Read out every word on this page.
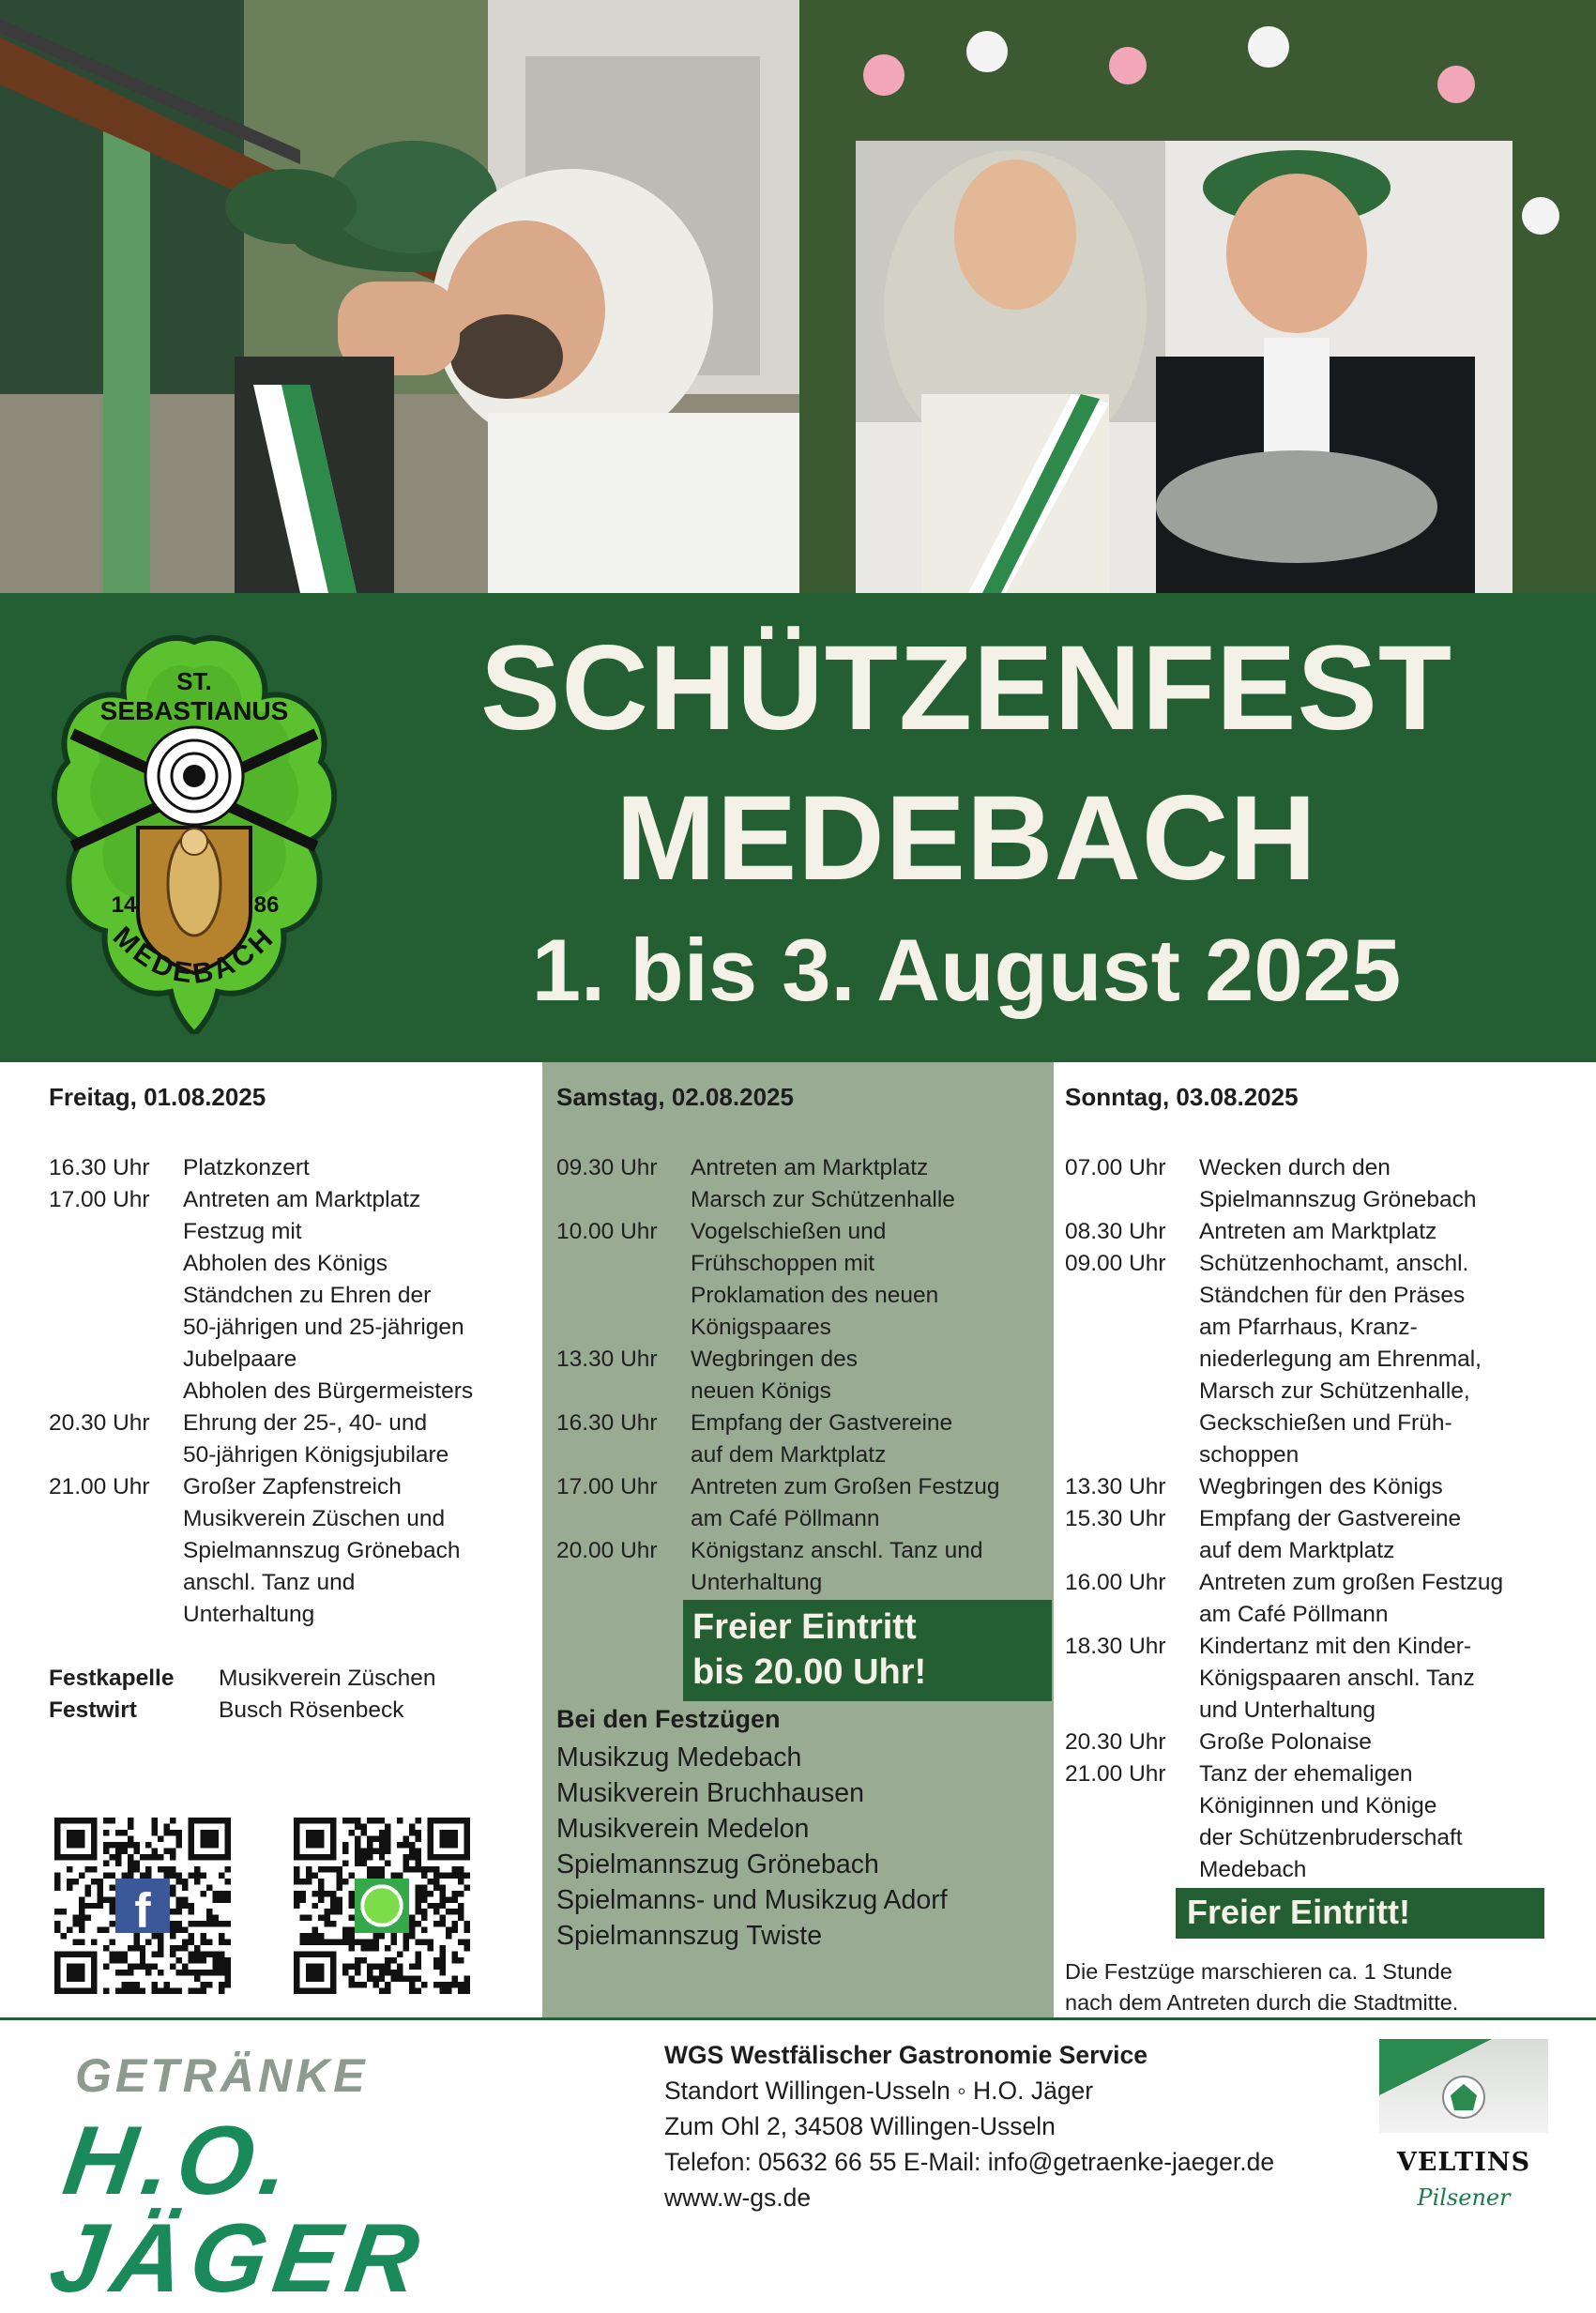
ST.
SEBASTIANUS
14	86
MEDEBACH
SCHÜTZENFEST
MEDEBACH
1. bis 3. August 2025
Freitag, 01.08.2025
16.30 Uhr	Platzkonzert
17.00 Uhr	Antreten am Marktplatz
Festzug mit
Abholen des Königs
Ständchen zu Ehren der
50-jährigen und 25-jährigen
Jubelpaare
Abholen des Bürgermeisters
20.30 Uhr	Ehrung der 25-, 40- und
50-jährigen Königsjubilare
21.00 Uhr	Großer Zapfenstreich
Musikverein Züschen und
Spielmannszug Grönebach
anschl. Tanz und
Unterhaltung
Festkapelle	Musikverein Züschen
Festwirt	Busch Rösenbeck
f
Samstag, 02.08.2025
09.30 Uhr	Antreten am Marktplatz
Marsch zur Schützenhalle
10.00 Uhr	Vogelschießen und
Frühschoppen mit
Proklamation des neuen
Königspaares
13.30 Uhr	Wegbringen des
neuen Königs
16.30 Uhr	Empfang der Gastvereine
auf dem Marktplatz
17.00 Uhr	Antreten zum Großen Festzug
am Café Pöllmann
20.00 Uhr	Königstanz anschl. Tanz und
Unterhaltung
Freier Eintritt
bis 20.00 Uhr!
Bei den Festzügen
Musikzug Medebach
Musikverein Bruchhausen
Musikverein Medelon
Spielmannszug Grönebach
Spielmanns- und Musikzug Adorf
Spielmannszug Twiste
Sonntag, 03.08.2025
07.00 Uhr	Wecken durch den
Spielmannszug Grönebach
08.30 Uhr	Antreten am Marktplatz
09.00 Uhr	Schützenhochamt, anschl.
Ständchen für den Präses
am Pfarrhaus, Kranz-
niederlegung am Ehrenmal,
Marsch zur Schützenhalle,
Geckschießen und Früh-
schoppen
13.30 Uhr	Wegbringen des Königs
15.30 Uhr	Empfang der Gastvereine
auf dem Marktplatz
16.00 Uhr	Antreten zum großen Festzug
am Café Pöllmann
18.30 Uhr	Kindertanz mit den Kinder-
Königspaaren anschl. Tanz
und Unterhaltung
20.30 Uhr	Große Polonaise
21.00 Uhr	Tanz der ehemaligen
Königinnen und Könige
der Schützenbruderschaft
Medebach
Freier Eintritt!
Die Festzüge marschieren ca. 1 Stunde
nach dem Antreten durch die Stadtmitte.
GETRÄNKE
H.O. JÄGER
WGS Westfälischer Gastronomie Service
Standort Willingen-Usseln ◦ H.O. Jäger
Zum Ohl 2, 34508 Willingen-Usseln
Telefon: 05632 66 55 E-Mail: info@getraenke-jaeger.de
www.w-gs.de
VELTINS
Pilsener
